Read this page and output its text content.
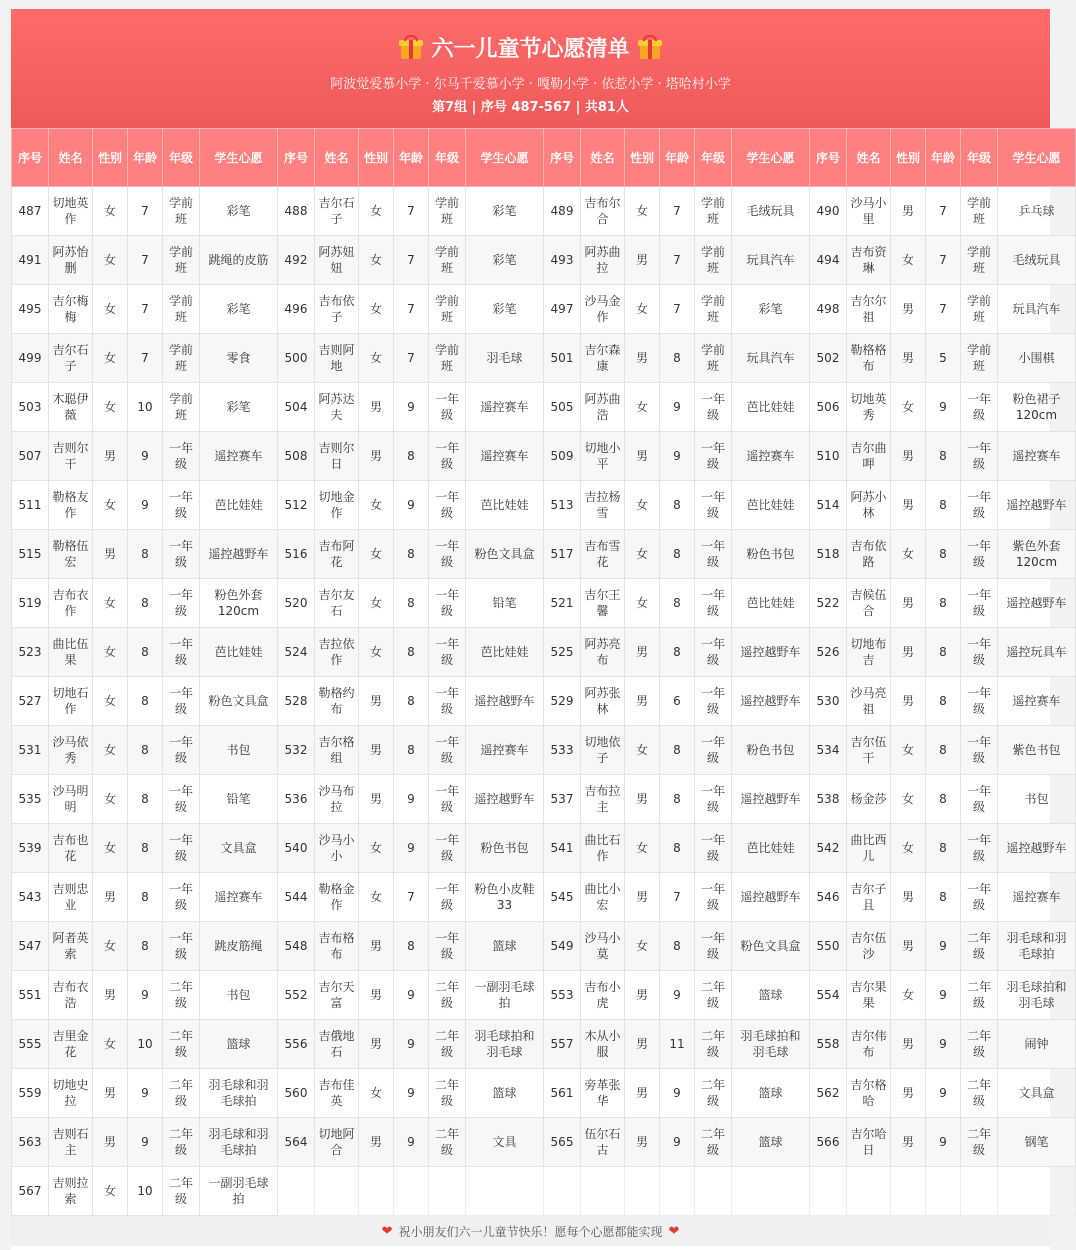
六一儿童节心愿清单
阿波觉爱慕小学 · 尔马千爱慕小学 · 嘎勒小学 · 依惹小学 · 塔哈村小学
第7组 | 序号 487-567 | 共81人
序号	姓名	性别	年龄	年级	学生心愿	序号	姓名	性别	年龄	年级	学生心愿	序号	姓名	性别	年龄	年级	学生心愿	序号	姓名	性别	年龄	年级	学生心愿
487	切地英作	女	7	学前班	彩笔	488	吉尔石子	女	7	学前班	彩笔	489	吉布尔合	女	7	学前班	毛绒玩具	490	沙马小里	男	7	学前班	乒乓球
491	阿苏怡删	女	7	学前班	跳绳的皮筋	492	阿苏妞妞	女	7	学前班	彩笔	493	阿苏曲拉	男	7	学前班	玩具汽车	494	吉布资琳	女	7	学前班	毛绒玩具
495	吉尔梅梅	女	7	学前班	彩笔	496	吉布依子	女	7	学前班	彩笔	497	沙马金作	女	7	学前班	彩笔	498	吉尔尔祖	男	7	学前班	玩具汽车
499	吉尔石子	女	7	学前班	零食	500	吉则阿地	女	7	学前班	羽毛球	501	吉尔森康	男	8	学前班	玩具汽车	502	勒格格布	男	5	学前班	小围棋
503	木聪伊薇	女	10	学前班	彩笔	504	阿苏达夫	男	9	一年级	遥控赛车	505	阿苏曲浩	女	9	一年级	芭比娃娃	506	切地英秀	女	9	一年级	粉色裙子120cm
507	吉则尔干	男	9	一年级	遥控赛车	508	吉则尔日	男	8	一年级	遥控赛车	509	切地小平	男	9	一年级	遥控赛车	510	吉尔曲呷	男	8	一年级	遥控赛车
511	勒格友作	女	9	一年级	芭比娃娃	512	切地金作	女	9	一年级	芭比娃娃	513	吉拉杨雪	女	8	一年级	芭比娃娃	514	阿苏小林	男	8	一年级	遥控越野车
515	勒格伍宏	男	8	一年级	遥控越野车	516	吉布阿花	女	8	一年级	粉色文具盒	517	吉布雪花	女	8	一年级	粉色书包	518	吉布依路	女	8	一年级	紫色外套120cm
519	吉布衣作	女	8	一年级	粉色外套120cm	520	吉尔友石	女	8	一年级	铅笔	521	吉尔王馨	女	8	一年级	芭比娃娃	522	吉候伍合	男	8	一年级	遥控越野车
523	曲比伍果	女	8	一年级	芭比娃娃	524	吉拉依作	女	8	一年级	芭比娃娃	525	阿苏亮布	男	8	一年级	遥控越野车	526	切地布吉	男	8	一年级	遥控玩具车
527	切地石作	女	8	一年级	粉色文具盒	528	勒格约布	男	8	一年级	遥控越野车	529	阿苏张林	男	6	一年级	遥控越野车	530	沙马亮祖	男	8	一年级	遥控赛车
531	沙马依秀	女	8	一年级	书包	532	吉尔格组	男	8	一年级	遥控赛车	533	切地依子	女	8	一年级	粉色书包	534	吉尔伍干	女	8	一年级	紫色书包
535	沙马明明	女	8	一年级	铅笔	536	沙马布拉	男	9	一年级	遥控越野车	537	吉布拉主	男	8	一年级	遥控越野车	538	杨金莎	女	8	一年级	书包
539	吉布也花	女	8	一年级	文具盒	540	沙马小小	女	9	一年级	粉色书包	541	曲比石作	女	8	一年级	芭比娃娃	542	曲比西儿	女	8	一年级	遥控越野车
543	吉则忠业	男	8	一年级	遥控赛车	544	勒格金作	女	7	一年级	粉色小皮鞋33	545	曲比小宏	男	7	一年级	遥控越野车	546	吉尔子且	男	8	一年级	遥控赛车
547	阿者英索	女	8	一年级	跳皮筋绳	548	吉布格布	男	8	一年级	篮球	549	沙马小莫	女	8	一年级	粉色文具盒	550	吉尔伍沙	男	9	二年级	羽毛球和羽毛球拍
551	吉布衣浩	男	9	二年级	书包	552	吉尔天富	男	9	二年级	一副羽毛球拍	553	吉布小虎	男	9	二年级	篮球	554	吉尔果果	女	9	二年级	羽毛球拍和羽毛球
555	吉里金花	女	10	二年级	篮球	556	吉俄地石	男	9	二年级	羽毛球拍和羽毛球	557	木从小服	男	11	二年级	羽毛球拍和羽毛球	558	吉尔伟布	男	9	二年级	闹钟
559	切地史拉	男	9	二年级	羽毛球和羽毛球拍	560	吉布佳英	女	9	二年级	篮球	561	旁革张华	男	9	二年级	篮球	562	吉尔格哈	男	9	二年级	文具盒
563	吉则石主	男	9	二年级	羽毛球和羽毛球拍	564	切地阿合	男	9	二年级	文具	565	伍尔石古	男	9	二年级	篮球	566	吉尔哈日	男	9	二年级	钢笔
567	吉则拉索	女	10	二年级	一副羽毛球拍																		
❤ 祝小朋友们六一儿童节快乐！愿每个心愿都能实现 ❤
